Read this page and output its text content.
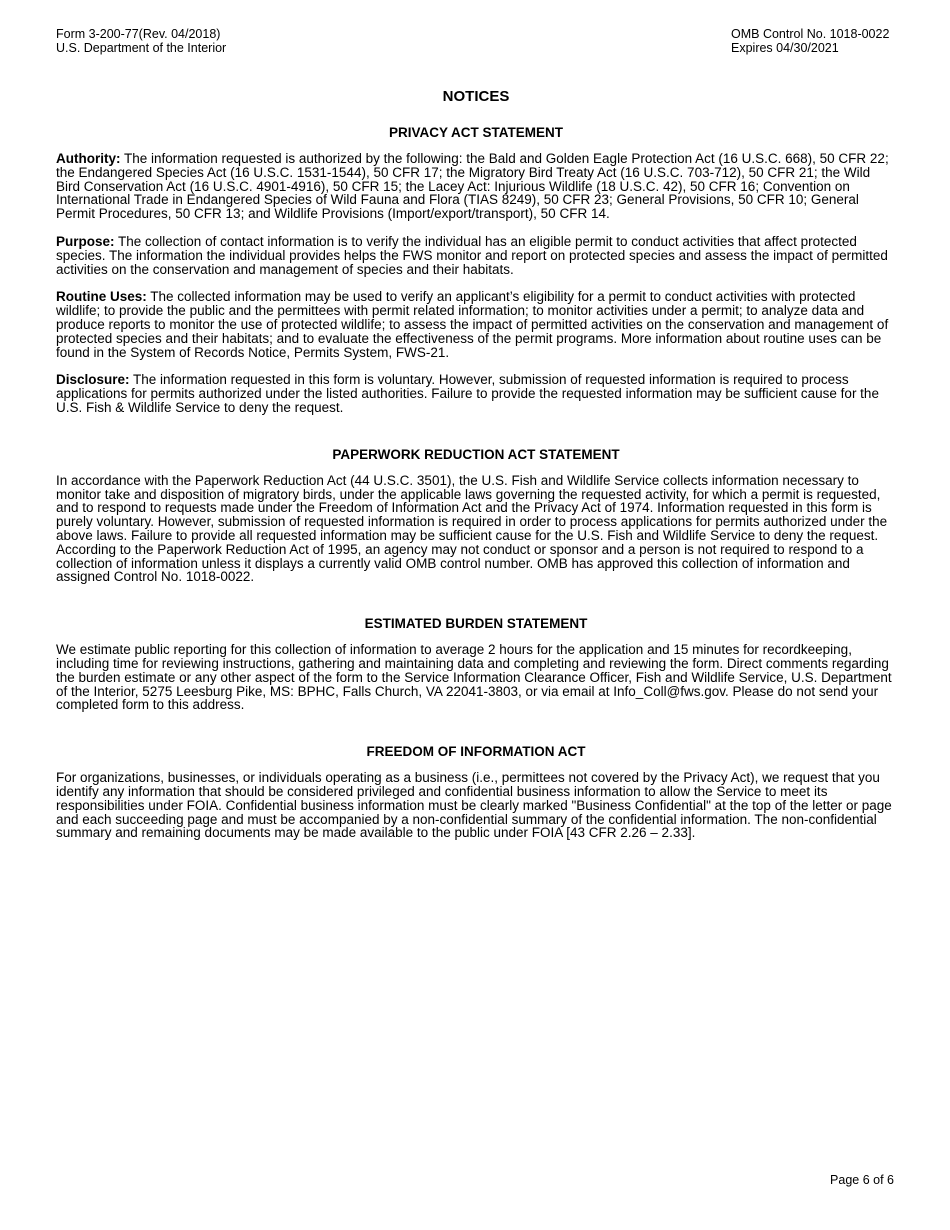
Form 3-200-77(Rev. 04/2018)
U.S. Department of the Interior
OMB Control No. 1018-0022
Expires 04/30/2021
NOTICES
PRIVACY ACT STATEMENT

Authority: The information requested is authorized by the following: the Bald and Golden Eagle Protection Act (16 U.S.C. 668), 50 CFR 22; the Endangered Species Act (16 U.S.C. 1531-1544), 50 CFR 17; the Migratory Bird Treaty Act (16 U.S.C. 703-712), 50 CFR 21; the Wild Bird Conservation Act (16 U.S.C. 4901-4916), 50 CFR 15; the Lacey Act: Injurious Wildlife (18 U.S.C. 42), 50 CFR 16; Convention on International Trade in Endangered Species of Wild Fauna and Flora (TIAS 8249), 50 CFR 23; General Provisions, 50 CFR 10; General Permit Procedures, 50 CFR 13; and Wildlife Provisions (Import/export/transport), 50 CFR 14.

Purpose: The collection of contact information is to verify the individual has an eligible permit to conduct activities that affect protected species. The information the individual provides helps the FWS monitor and report on protected species and assess the impact of permitted activities on the conservation and management of species and their habitats.

Routine Uses: The collected information may be used to verify an applicant’s eligibility for a permit to conduct activities with protected wildlife; to provide the public and the permittees with permit related information; to monitor activities under a permit; to analyze data and produce reports to monitor the use of protected wildlife; to assess the impact of permitted activities on the conservation and management of protected species and their habitats; and to evaluate the effectiveness of the permit programs. More information about routine uses can be found in the System of Records Notice, Permits System, FWS-21.

Disclosure: The information requested in this form is voluntary. However, submission of requested information is required to process applications for permits authorized under the listed authorities. Failure to provide the requested information may be sufficient cause for the U.S. Fish & Wildlife Service to deny the request.

PAPERWORK REDUCTION ACT STATEMENT

In accordance with the Paperwork Reduction Act (44 U.S.C. 3501), the U.S. Fish and Wildlife Service collects information necessary to monitor take and disposition of migratory birds, under the applicable laws governing the requested activity, for which a permit is requested, and to respond to requests made under the Freedom of Information Act and the Privacy Act of 1974. Information requested in this form is purely voluntary. However, submission of requested information is required in order to process applications for permits authorized under the above laws. Failure to provide all requested information may be sufficient cause for the U.S. Fish and Wildlife Service to deny the request. According to the Paperwork Reduction Act of 1995, an agency may not conduct or sponsor and a person is not required to respond to a collection of information unless it displays a currently valid OMB control number. OMB has approved this collection of information and assigned Control No. 1018-0022.

ESTIMATED BURDEN STATEMENT

We estimate public reporting for this collection of information to average 2 hours for the application and 15 minutes for recordkeeping, including time for reviewing instructions, gathering and maintaining data and completing and reviewing the form. Direct comments regarding the burden estimate or any other aspect of the form to the Service Information Clearance Officer, Fish and Wildlife Service, U.S. Department of the Interior, 5275 Leesburg Pike, MS: BPHC, Falls Church, VA 22041-3803, or via email at Info_Coll@fws.gov. Please do not send your completed form to this address.

FREEDOM OF INFORMATION ACT

For organizations, businesses, or individuals operating as a business (i.e., permittees not covered by the Privacy Act), we request that you identify any information that should be considered privileged and confidential business information to allow the Service to meet its responsibilities under FOIA. Confidential business information must be clearly marked "Business Confidential" at the top of the letter or page and each succeeding page and must be accompanied by a non-confidential summary of the confidential information. The non-confidential summary and remaining documents may be made available to the public under FOIA [43 CFR 2.26 – 2.33].

Page 6 of 6
